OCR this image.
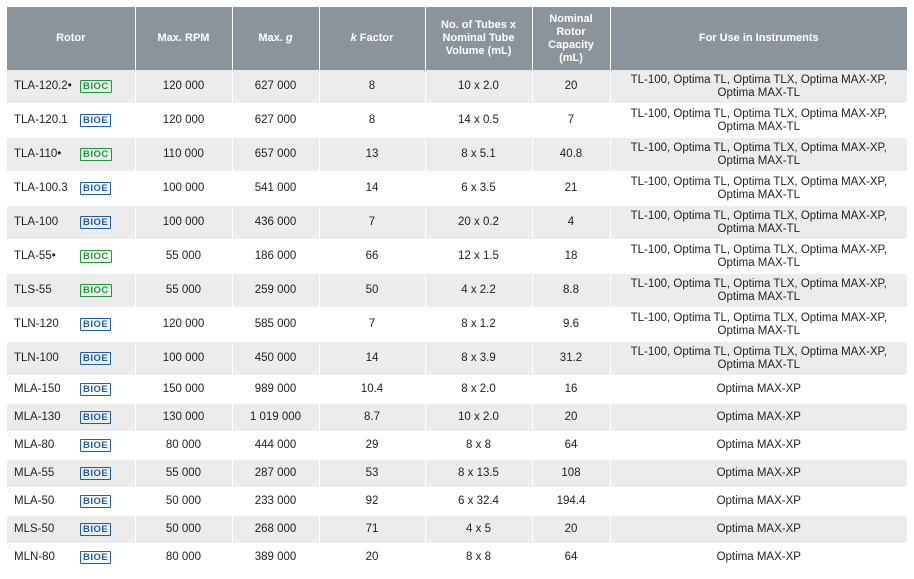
Rotor	Max. RPM	Max. g	k Factor	No. of Tubes x Nominal Tube Volume (mL)	Nominal Rotor Capacity (mL)	For Use in Instruments
TLA-120.2• BIOC	120 000	627 000	8	10 x 2.0	20	TL-100, Optima TL, Optima TLX, Optima MAX-XP, Optima MAX-TL
TLA-120.1 BIOE	120 000	627 000	8	14 x 0.5	7	TL-100, Optima TL, Optima TLX, Optima MAX-XP, Optima MAX-TL
TLA-110• BIOC	110 000	657 000	13	8 x 5.1	40.8	TL-100, Optima TL, Optima TLX, Optima MAX-XP, Optima MAX-TL
TLA-100.3 BIOE	100 000	541 000	14	6 x 3.5	21	TL-100, Optima TL, Optima TLX, Optima MAX-XP, Optima MAX-TL
TLA-100 BIOE	100 000	436 000	7	20 x 0.2	4	TL-100, Optima TL, Optima TLX, Optima MAX-XP, Optima MAX-TL
TLA-55• BIOC	55 000	186 000	66	12 x 1.5	18	TL-100, Optima TL, Optima TLX, Optima MAX-XP, Optima MAX-TL
TLS-55 BIOC	55 000	259 000	50	4 x 2.2	8.8	TL-100, Optima TL, Optima TLX, Optima MAX-XP, Optima MAX-TL
TLN-120 BIOE	120 000	585 000	7	8 x 1.2	9.6	TL-100, Optima TL, Optima TLX, Optima MAX-XP, Optima MAX-TL
TLN-100 BIOE	100 000	450 000	14	8 x 3.9	31.2	TL-100, Optima TL, Optima TLX, Optima MAX-XP, Optima MAX-TL
MLA-150 BIOE	150 000	989 000	10.4	8 x 2.0	16	Optima MAX-XP
MLA-130 BIOE	130 000	1 019 000	8.7	10 x 2.0	20	Optima MAX-XP
MLA-80 BIOE	80 000	444 000	29	8 x 8	64	Optima MAX-XP
MLA-55 BIOE	55 000	287 000	53	8 x 13.5	108	Optima MAX-XP
MLA-50 BIOE	50 000	233 000	92	6 x 32.4	194.4	Optima MAX-XP
MLS-50 BIOE	50 000	268 000	71	4 x 5	20	Optima MAX-XP
MLN-80 BIOE	80 000	389 000	20	8 x 8	64	Optima MAX-XP
